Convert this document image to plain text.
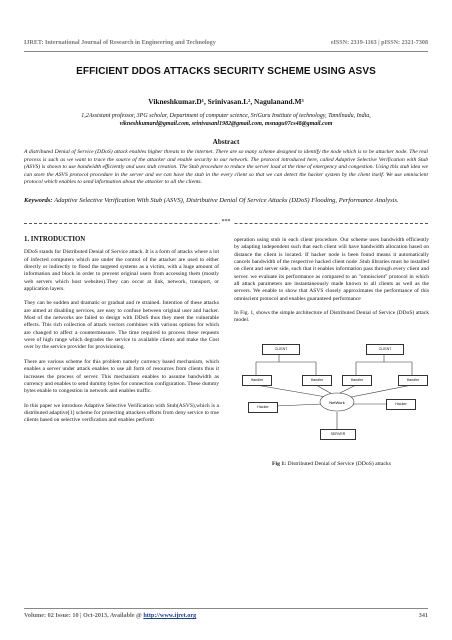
IJRET: International Journal of Research in Engineering and Technology	eISSN: 2319-1163 | pISSN: 2321-7308
EFFICIENT DDOS ATTACKS SECURITY SCHEME USING ASVS
Vikneshkumar.D¹, Srinivasan.L², Nagulanand.M³
1,2Assistant professor, 3PG scholar, Department of computer science, SriGuru Institute of technology, Tamilnadu, India,
vikneshkumard@gmail.com, srinivasanl1982@gmail.com, msnagu07cs48@gmail.com
Abstract
A distributed Denial of Service (DDoS) attack enables higher threats to the internet. There are so many scheme designed to identify the node which is to be attacker node. The real process is such as we want to trace the source of the attacker and enable security to our network. The protocol introduced here, called Adaptive Selective Verification with Stub (ASVS) is shown to use bandwidth efficiently and uses stub creation. The Stub procedure to reduce the server load at the time of emergency and congestion. Using this stub idea we can store the ASVS protocol procedure in the server and we can have the stub in the every client so that we can detect the hacker system by the client itself. We use omniscient protocol which enables to send information about the attacker to all the clients.
Keywords: Adaptive Selective Verification With Stub (ASVS), Distributive Denial Of Service Attacks (DDoS) Flooding, Performance Analysis.
***
1. INTRODUCTION

DDoS stands for Distributed Denial of Service attack. It is a form of attacks where a lot of infected computers which are under the control of the attacker are used to either directly or indirectly to flood the targeted systems as a victim, with a huge amount of information and block in order to prevent original users from accessing them (mostly web servers which host websites).They can occur at link, network, transport, or application layers.

They can be sudden and dramatic or gradual and re strained. Intention of these attacks are aimed at disabling services, are easy to confuse between original user and hacker. Most of the networks are failed to design with DDoS thus they meet the vulnerable effects. This rich collection of attack vectors combines with various options for which are changed to affect a countermeasure. The time required to process these requests were of high range which degrades the service to available clients and make the Cost over by the service provider for provisioning.

There are various scheme for this problem namely currency based mechanism, which enables a server under attack enables to use all form of resources from clients thus it increases the process of server. This mechanism enables to assume bandwidth as currency and enables to send dummy bytes for connection configuration. These dummy bytes enable to congestion in network and enables traffic.

In this paper we introduce Adaptive Selective Verification with Stub(ASVS),which is a distributed adaptive[1] scheme for protecting attackers efforts from deny service to true clients based on selective verification and enables perform

operation using stub in each client procedure. Our scheme uses bandwidth efficiently by adapting independent such that each client will have bandwidth allocation based on distance the client is located. If hacker node is been found means it automatically cancels bandwidth of the respective hacked client node .Stub libraries must be installed on client and server side, such that it enables information pass through every client and server. we evaluate its performance as compared to an "omniscient" protocol in which all attack parameters are instantaneously made known to all clients as well as the servers. We enable to show that ASVS closely approximates the performance of this omniscient protocol and enables guaranteed performance

In Fig. 1, shows the simple architecture of Distributed Denial of Service (DDoS) attack model.

NetWork
CLIENT	CLIENT
Handler	Handler	Handler	Handler
Hacker
Hacker
SERVER
Fig 1: Distributed Denial of Service (DDoS) attacks
Volume: 02 Issue: 10 | Oct-2013, Available @ http://www.ijret.org	341
